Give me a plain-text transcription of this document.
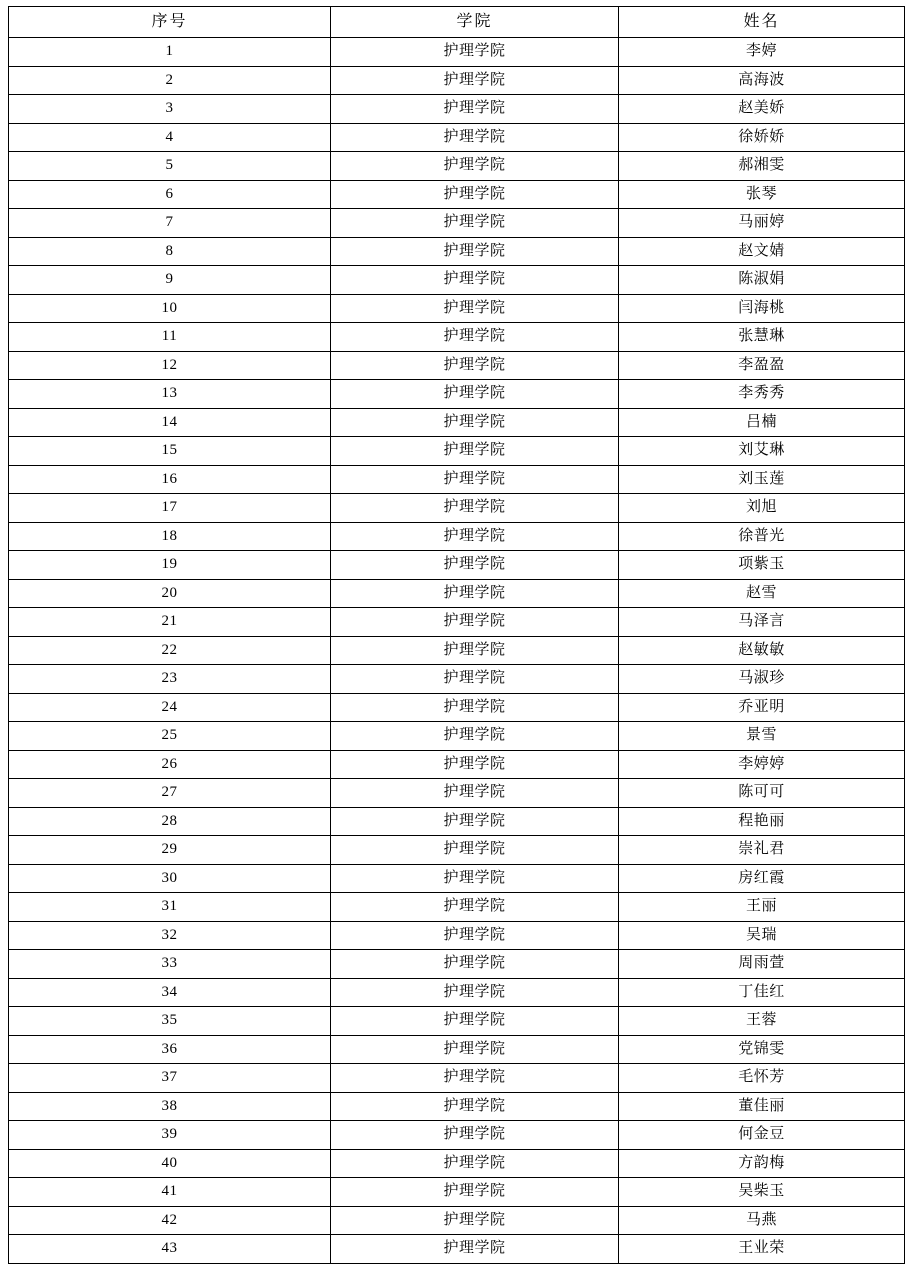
序号	学院	姓名

1	护理学院	李婷

2	护理学院	高海波

3	护理学院	赵美娇

4	护理学院	徐娇娇

5	护理学院	郝湘雯

6	护理学院	张琴

7	护理学院	马丽婷

8	护理学院	赵文婧

9	护理学院	陈淑娟

10	护理学院	闫海桃

11	护理学院	张慧琳

12	护理学院	李盈盈

13	护理学院	李秀秀

14	护理学院	吕楠

15	护理学院	刘艾琳

16	护理学院	刘玉莲

17	护理学院	刘旭

18	护理学院	徐普光

19	护理学院	项紫玉

20	护理学院	赵雪

21	护理学院	马泽言

22	护理学院	赵敏敏

23	护理学院	马淑珍

24	护理学院	乔亚明

25	护理学院	景雪

26	护理学院	李婷婷

27	护理学院	陈可可

28	护理学院	程艳丽

29	护理学院	崇礼君

30	护理学院	房红霞

31	护理学院	王丽

32	护理学院	吴瑞

33	护理学院	周雨萱

34	护理学院	丁佳红

35	护理学院	王蓉

36	护理学院	党锦雯

37	护理学院	毛怀芳

38	护理学院	董佳丽

39	护理学院	何金豆

40	护理学院	方韵梅

41	护理学院	吴柴玉

42	护理学院	马燕

43	护理学院	王业荣
